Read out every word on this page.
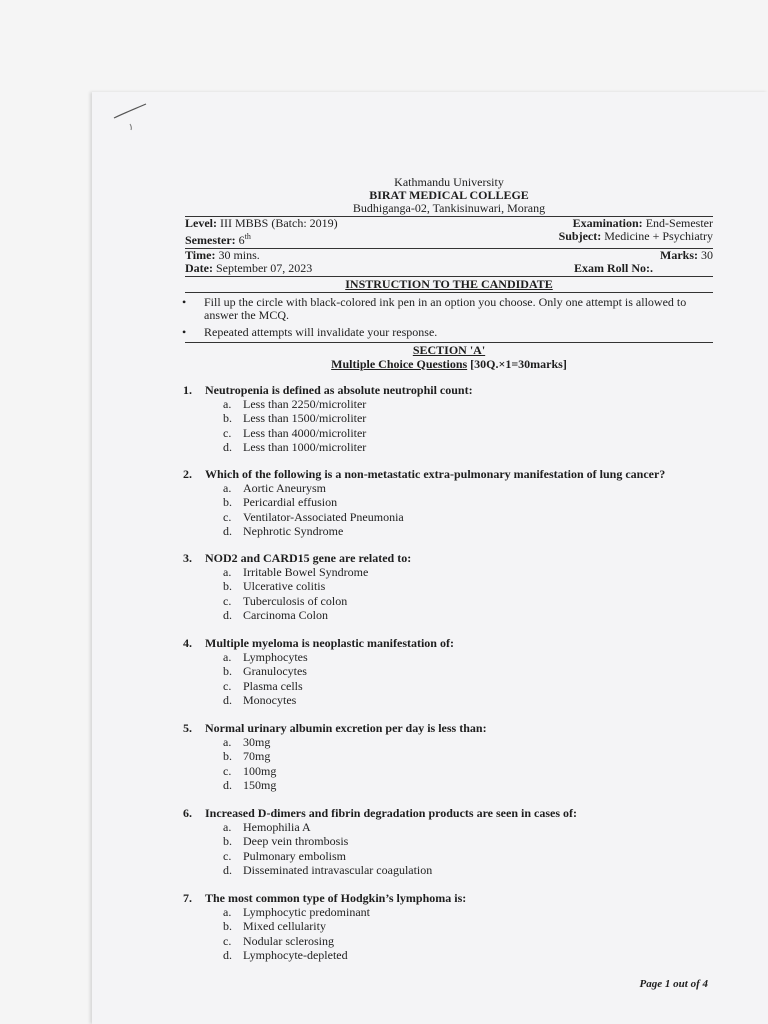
Kathmandu University
BIRAT MEDICAL COLLEGE
Budhiganga-02, Tankisinuwari, Morang
Level: III MBBS (Batch: 2019)	Examination: End-Semester
Semester: 6th	Subject: Medicine + Psychiatry
Time: 30 mins.	Marks: 30
Date: September 07, 2023	Exam Roll No:.
INSTRUCTION TO THE CANDIDATE
•	Fill up the circle with black-colored ink pen in an option you choose. Only one attempt is allowed to answer the MCQ.
•	Repeated attempts will invalidate your response.
SECTION 'A'
Multiple Choice Questions [30Q.×1=30marks]
1.	Neutropenia is defined as absolute neutrophil count:
a. Less than 2250/microliter
b. Less than 1500/microliter
c. Less than 4000/microliter
d. Less than 1000/microliter
2.	Which of the following is a non-metastatic extra-pulmonary manifestation of lung cancer?
a. Aortic Aneurysm
b. Pericardial effusion
c. Ventilator-Associated Pneumonia
d. Nephrotic Syndrome
3.	NOD2 and CARD15 gene are related to:
a. Irritable Bowel Syndrome
b. Ulcerative colitis
c. Tuberculosis of colon
d. Carcinoma Colon
4.	Multiple myeloma is neoplastic manifestation of:
a. Lymphocytes
b. Granulocytes
c. Plasma cells
d. Monocytes
5.	Normal urinary albumin excretion per day is less than:
a. 30mg
b. 70mg
c. 100mg
d. 150mg
6.	Increased D-dimers and fibrin degradation products are seen in cases of:
a. Hemophilia A
b. Deep vein thrombosis
c. Pulmonary embolism
d. Disseminated intravascular coagulation
7.	The most common type of Hodgkin’s lymphoma is:
a. Lymphocytic predominant
b. Mixed cellularity
c. Nodular sclerosing
d. Lymphocyte-depleted
Page 1 out of 4
